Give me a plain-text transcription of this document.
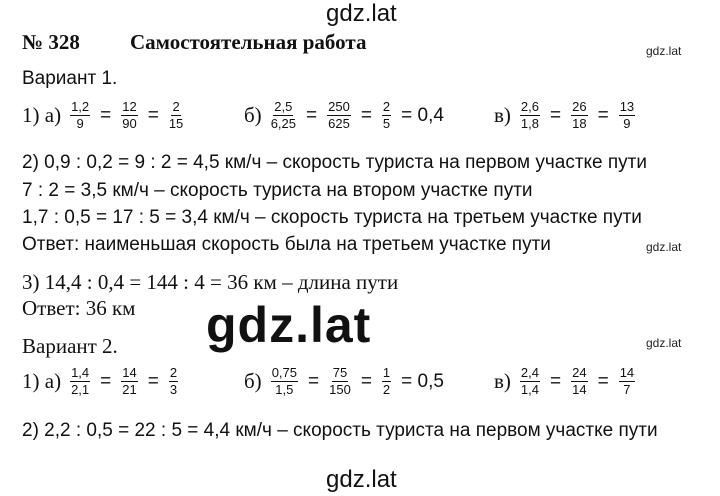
gdz.lat
gdz.lat
gdz.lat
gdz.lat
gdz.lat
gdz.lat
№ 328 Самостоятельная работа
Вариант 1.
1) $а) \frac{1,2}{9} = \frac{12}{90} = \frac{2}{15}$	$б) \frac{2,5}{6,25} = \frac{250}{625} = \frac{2}{5} = 0,4$ $в) \frac{2,6}{1,8} = \frac{26}{18} = \frac{13}{9}$
2) 0,9 : 0,2 = 9 : 2 = 4,5 км/ч – скорость туриста на первом участке пути
7 : 2 = 3,5 км/ч – скорость туриста на втором участке пути
1,7 : 0,5 = 17 : 5 = 3,4 км/ч – скорость туриста на третьем участке пути
Ответ: наименьшая скорость была на третьем участке пути
3) 14,4 : 0,4 = 144 : 4 = 36 км – длина пути
Ответ: 36 км
Вариант 2.
1) $а) \frac{1,4}{2,1} = \frac{14}{21} = \frac{2}{3}$	$б) \frac{0,75}{1,5} = \frac{75}{150} = \frac{1}{2} = 0,5$ $в) \frac{2,4}{1,4} = \frac{24}{14} = \frac{14}{7}$
2) 2,2 : 0,5 = 22 : 5 = 4,4 км/ч – скорость туриста на первом участке пути
